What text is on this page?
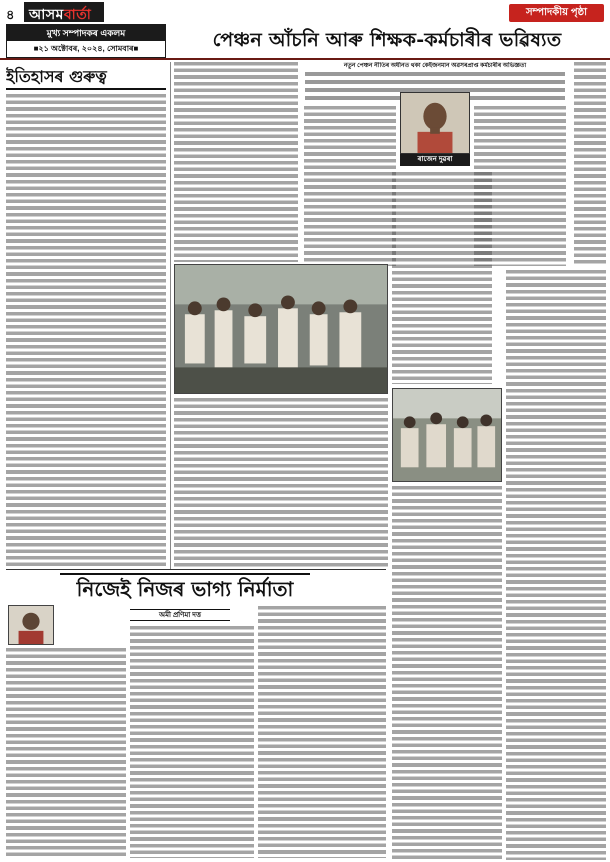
৪	আসমবাৰ্তা	সম্পাদকীয় পৃষ্ঠা
মুখ্য সম্পাদকৰ একলম
■২১ অক্টোবৰ, ২০২৪, সোমবাৰ■	পেঞ্চন আঁচনি আৰু শিক্ষক-কৰ্মচাৰীৰ ভৱিষ্যত
ইতিহাসৰ গুৰুত্ব
নতুন পেঞ্চন নীতিৰ অধীনত থকা কেইজনমান অৱসৰপ্ৰাপ্ত কৰ্মচাৰীৰ অভিজ্ঞতা
ৰাজেন দুৱৰা
নিজেই নিজৰ ভাগ্য নিৰ্মাতা
অমী প্ৰণিমা দত্ত
